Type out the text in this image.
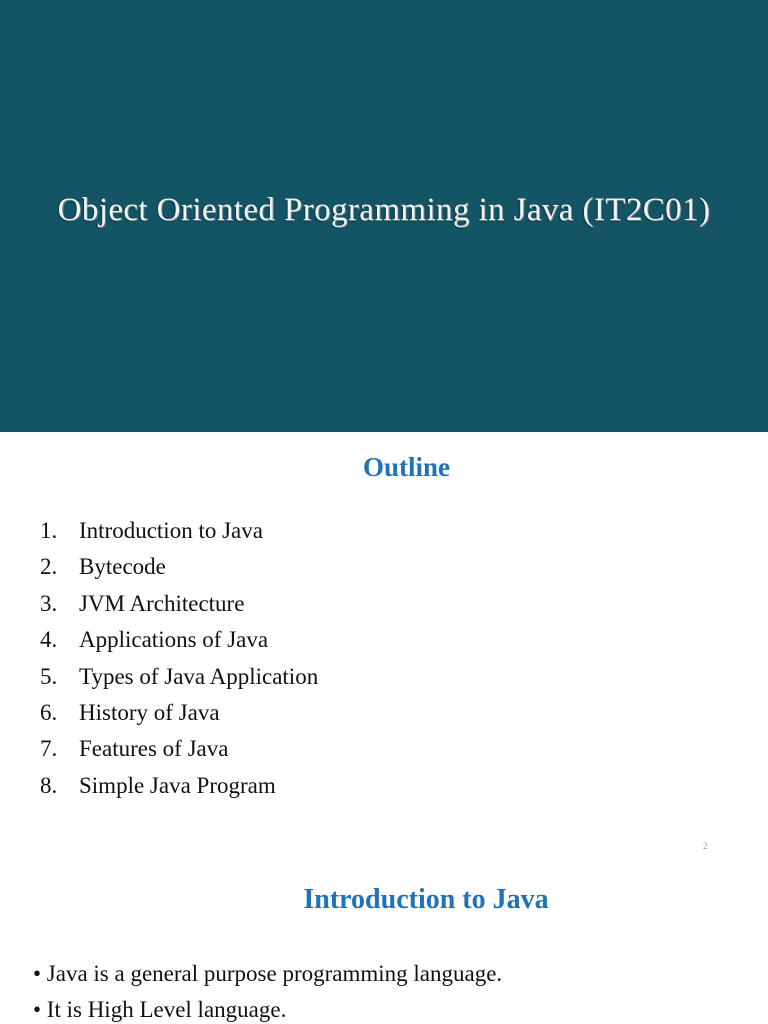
Object Oriented Programming in Java (IT2C01)
Outline
1. Introduction to Java
2. Bytecode
3. JVM Architecture
4. Applications of Java
5. Types of Java Application
6. History of Java
7. Features of Java
8. Simple Java Program
2
Introduction to Java
• Java is a general purpose programming language.
• It is High Level language.
